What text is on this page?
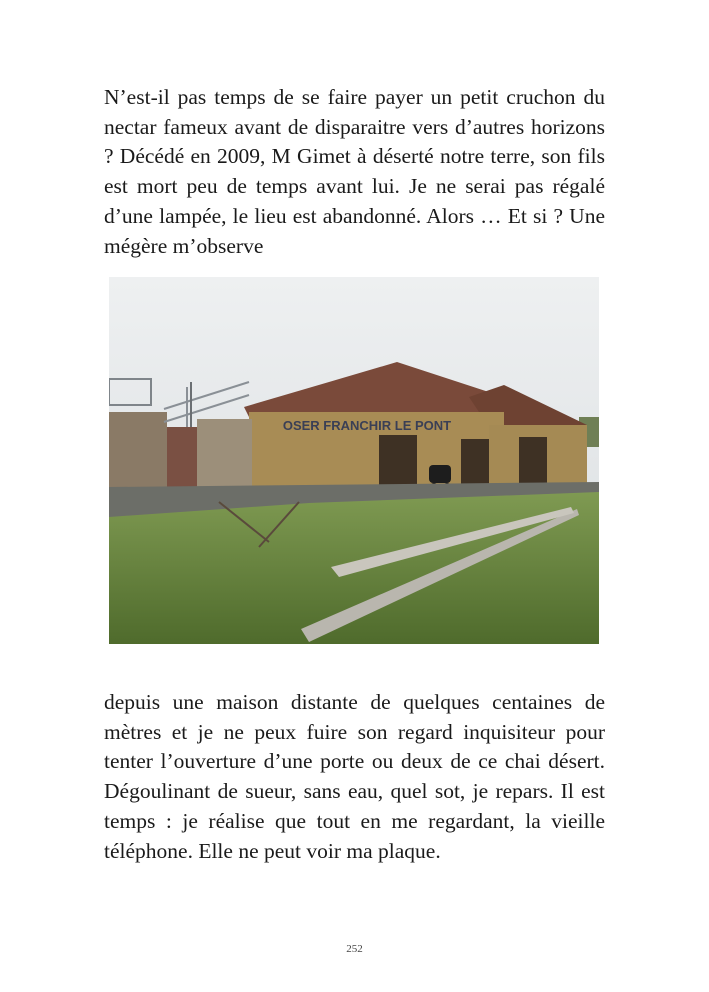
N’est-il pas temps de se faire payer un petit cruchon du nectar fameux avant de disparaitre vers d’autres horizons ? Décédé en 2009, M Gimet à déserté notre terre, son fils est mort peu de temps avant lui. Je ne serai pas régalé d’une lampée, le lieu est abandonné. Alors … Et si ? Une mégère m’observe

OSER FRANCHIR LE PONT

depuis une maison distante de quelques centaines de mètres et je ne peux fuire son regard inquisiteur pour tenter l’ouverture d’une porte ou deux de ce chai désert. Dégoulinant de sueur, sans eau, quel sot, je repars. Il est temps : je réalise que tout en me regardant, la vieille téléphone. Elle ne peut voir ma plaque.

252
